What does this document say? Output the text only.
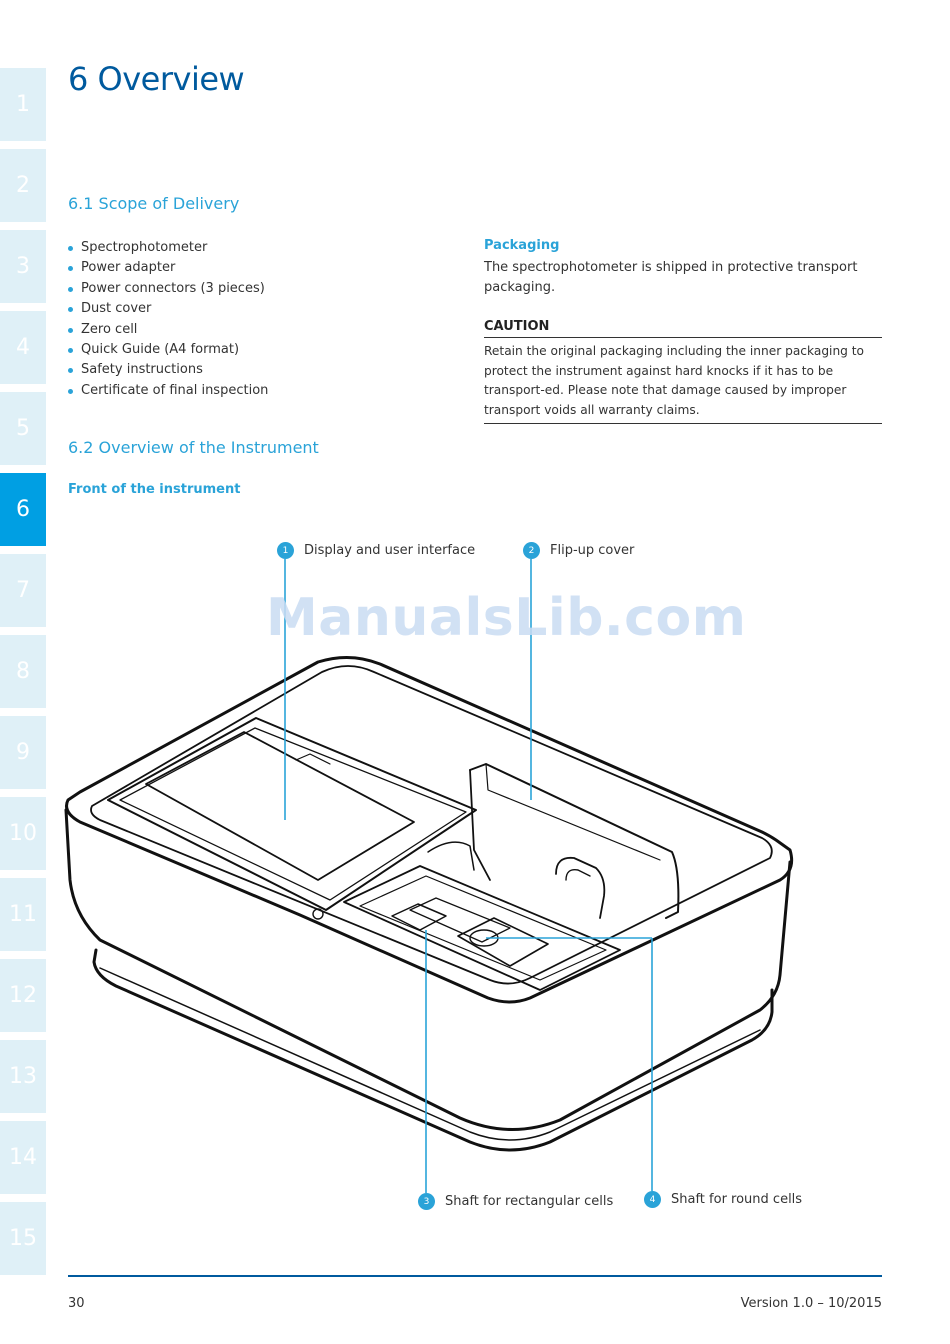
1
2
3
4
5
6
7
8
9
10
11
12
13
14
15
6 Overview
6.1 Scope of Delivery
Spectrophotometer
Power adapter
Power connectors (3 pieces)
Dust cover
Zero cell
Quick Guide (A4 format)
Safety instructions
Certificate of final inspection
Packaging
The spectrophotometer is shipped in protective transport packaging.
CAUTION
Retain the original packaging including the inner packaging to protect the instrument against hard knocks if it has to be transport-ed. Please note that damage caused by improper transport voids all warranty claims.
6.2 Overview of the Instrument
Front of the instrument
ManualsLib.com
1	Display and user interface	2	Flip-up cover
3	Shaft for rectangular cells	4	Shaft for round cells
30	Version 1.0 – 10/2015
